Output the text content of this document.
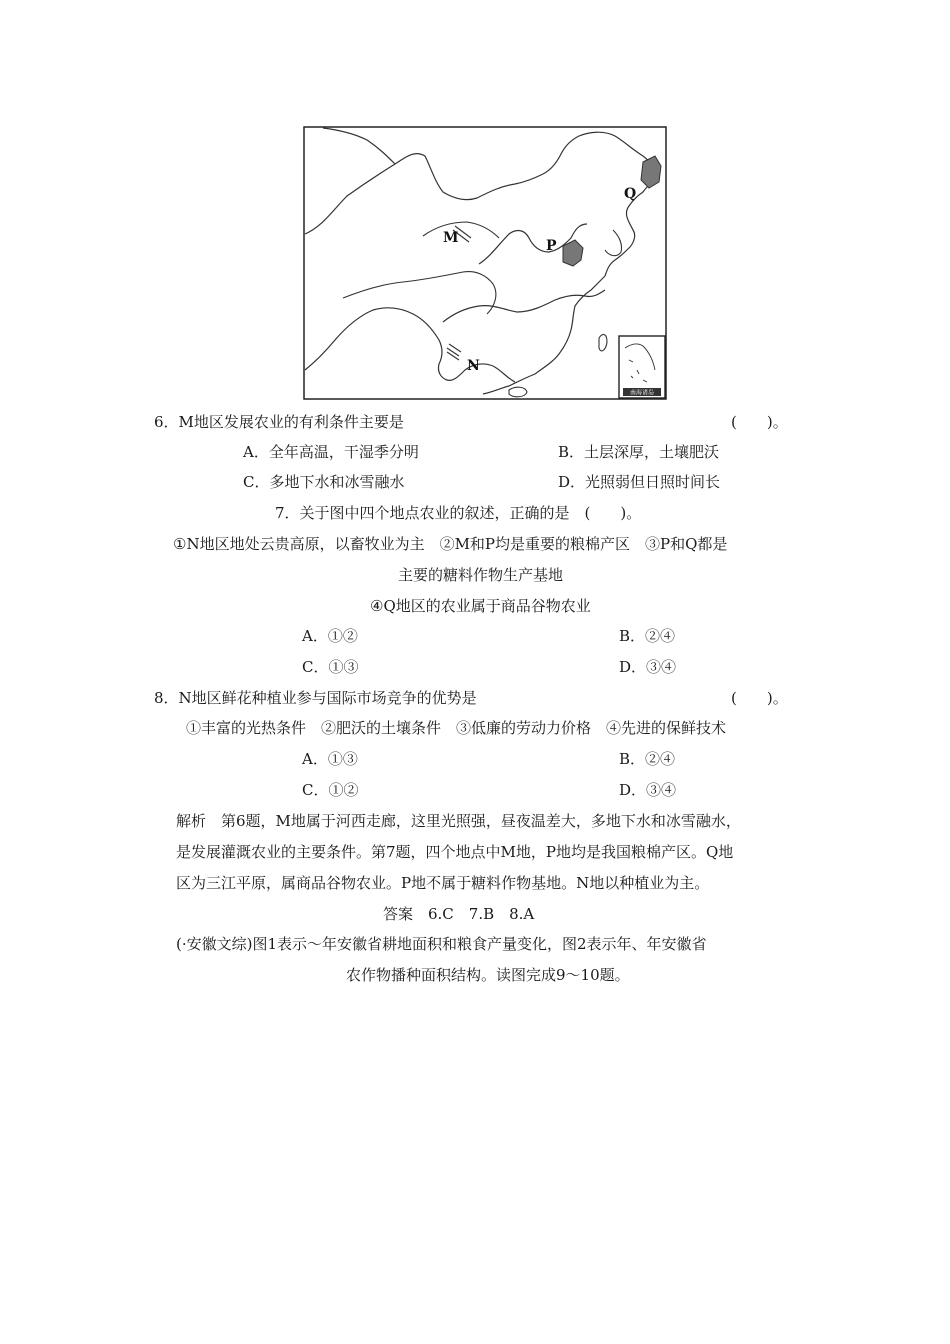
南海诸岛
M	P
Q
N
6．M地区发展农业的有利条件主要是	(　　)。
A．全年高温，干湿季分明	B．土层深厚，土壤肥沃
C．多地下水和冰雪融水	D．光照弱但日照时间长
7．关于图中四个地点农业的叙述，正确的是　(　　)。
①N地区地处云贵高原，以畜牧业为主　②M和P均是重要的粮棉产区　③P和Q都是
主要的糖料作物生产基地
④Q地区的农业属于商品谷物农业
A．①②	B．②④
C．①③	D．③④
8．N地区鲜花种植业参与国际市场竞争的优势是	(　　)。
①丰富的光热条件　②肥沃的土壤条件　③低廉的劳动力价格　④先进的保鲜技术
A．①③	B．②④
C．①②	D．③④
解析　第6题，M地属于河西走廊，这里光照强，昼夜温差大，多地下水和冰雪融水，
是发展灌溉农业的主要条件。第7题，四个地点中M地，P地均是我国粮棉产区。Q地
区为三江平原，属商品谷物农业。P地不属于糖料作物基地。N地以种植业为主。
答案　6.C　7.B　8.A
(·安徽文综)图1表示～年安徽省耕地面积和粮食产量变化，图2表示年、年安徽省
农作物播种面积结构。读图完成9～10题。
